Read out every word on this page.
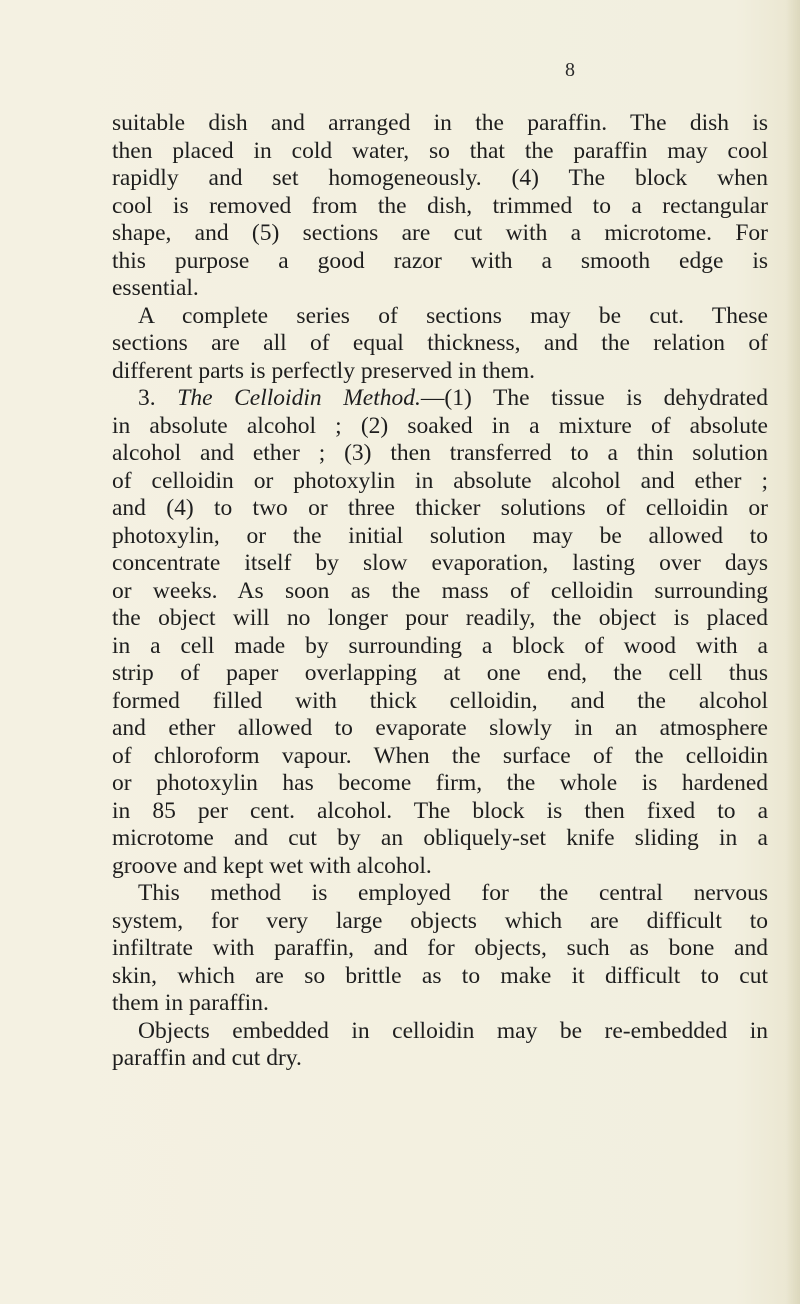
8
suitable dish and arranged in the paraffin. The dish is
then placed in cold water, so that the paraffin may cool
rapidly and set homogeneously. (4) The block when
cool is removed from the dish, trimmed to a rectangular
shape, and (5) sections are cut with a microtome. For
this purpose a good razor with a smooth edge is
essential.
A complete series of sections may be cut. These
sections are all of equal thickness, and the relation of
different parts is perfectly preserved in them.
3. The Celloidin Method.—(1) The tissue is dehydrated
in absolute alcohol ; (2) soaked in a mixture of absolute
alcohol and ether ; (3) then transferred to a thin solution
of celloidin or photoxylin in absolute alcohol and ether ;
and (4) to two or three thicker solutions of celloidin or
photoxylin, or the initial solution may be allowed to
concentrate itself by slow evaporation, lasting over days
or weeks. As soon as the mass of celloidin surrounding
the object will no longer pour readily, the object is placed
in a cell made by surrounding a block of wood with a
strip of paper overlapping at one end, the cell thus
formed filled with thick celloidin, and the alcohol
and ether allowed to evaporate slowly in an atmosphere
of chloroform vapour. When the surface of the celloidin
or photoxylin has become firm, the whole is hardened
in 85 per cent. alcohol. The block is then fixed to a
microtome and cut by an obliquely-set knife sliding in a
groove and kept wet with alcohol.
This method is employed for the central nervous
system, for very large objects which are difficult to
infiltrate with paraffin, and for objects, such as bone and
skin, which are so brittle as to make it difficult to cut
them in paraffin.
Objects embedded in celloidin may be re-embedded in
paraffin and cut dry.
